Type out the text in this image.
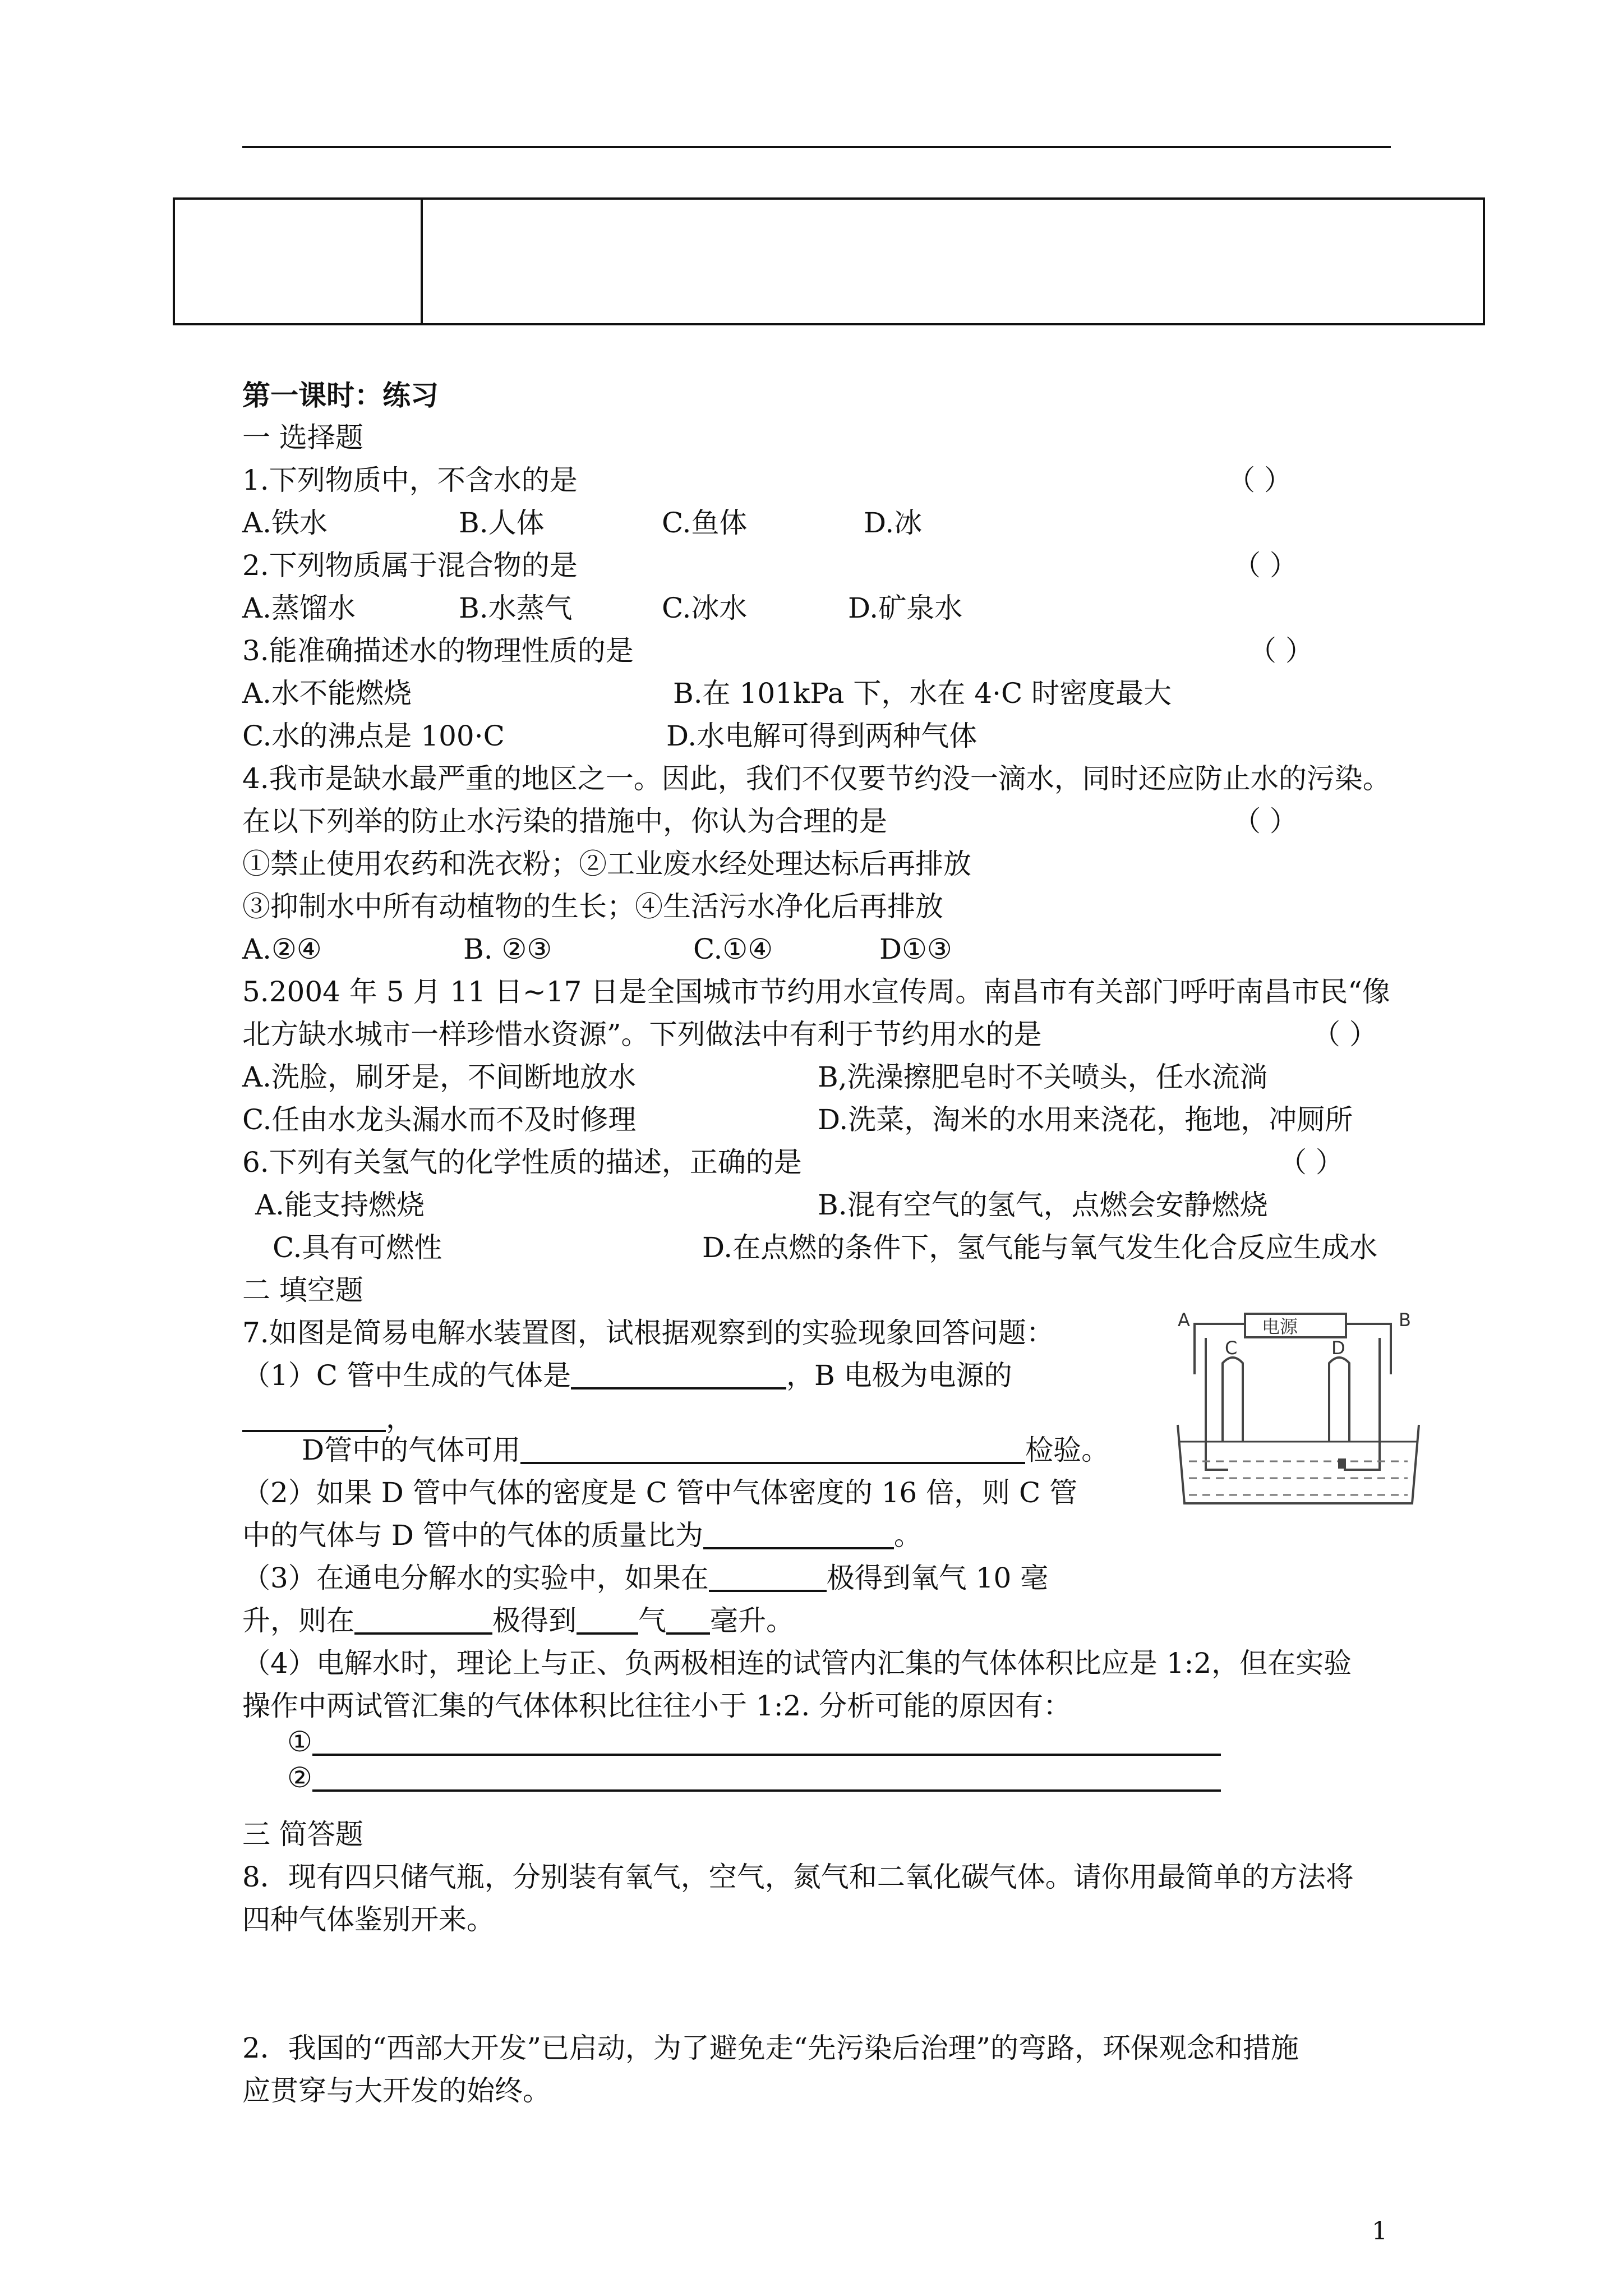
第一课时：练习
一 选择题
1.下列物质中，不含水的是	（ ）
A.铁水	B.人体	C.鱼体	D.冰
2.下列物质属于混合物的是	（ ）
A.蒸馏水	B.水蒸气	C.冰水	D.矿泉水
3.能准确描述水的物理性质的是	（ ）
A.水不能燃烧	B.在 101kPa 下，水在 4·C 时密度最大
C.水的沸点是 100·C	D.水电解可得到两种气体
4.我市是缺水最严重的地区之一。因此，我们不仅要节约没一滴水，同时还应防止水的污染。
在以下列举的防止水污染的措施中，你认为合理的是	（ ）
①禁止使用农药和洗衣粉；②工业废水经处理达标后再排放
③抑制水中所有动植物的生长；④生活污水净化后再排放
A.②④	B. ②③	C.①④	D①③
5.2004 年 5 月 11 日~17 日是全国城市节约用水宣传周。南昌市有关部门呼吁南昌市民“像
北方缺水城市一样珍惜水资源”。下列做法中有利于节约用水的是	（ ）
A.洗脸，刷牙是，不间断地放水	B,洗澡擦肥皂时不关喷头，任水流淌
C.任由水龙头漏水而不及时修理	D.洗菜，淘米的水用来浇花，拖地，冲厕所
6.下列有关氢气的化学性质的描述，正确的是	（ ）
A.能支持燃烧	B.混有空气的氢气，点燃会安静燃烧
C.具有可燃性	D.在点燃的条件下，氢气能与氧气发生化合反应生成水
二 填空题
7.如图是简易电解水装置图，试根据观察到的实验现象回答问题：
（1）C 管中生成的气体是	，B 电极为电源的
，
D管中的气体可用	检验。
（2）如果 D 管中气体的密度是 C 管中气体密度的 16 倍，则 C 管
中的气体与 D 管中的气体的质量比为	。
（3）在通电分解水的实验中，如果在	极得到氧气 10 毫
升，则在	极得到 气 毫升。
（4）电解水时，理论上与正、负两极相连的试管内汇集的气体体积比应是 1:2，但在实验
操作中两试管汇集的气体体积比往往小于 1:2. 分析可能的原因有：
①
②
A	B
电源
C	D
三 简答题
8．现有四只储气瓶，分别装有氧气，空气，氮气和二氧化碳气体。请你用最简单的方法将
四种气体鉴别开来。
2．我国的“西部大开发”已启动，为了避免走“先污染后治理”的弯路，环保观念和措施
应贯穿与大开发的始终。
1
